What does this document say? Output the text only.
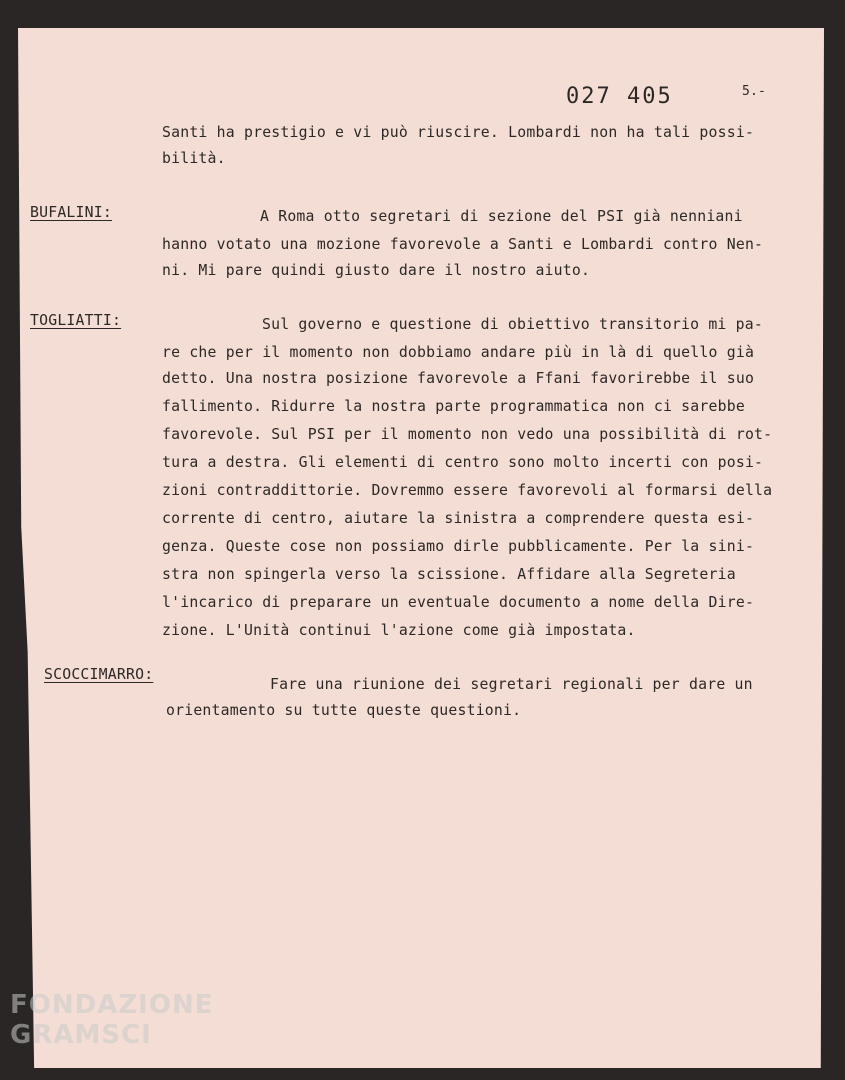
FONDAZIONE
GRAMSCI
027 405	5.-
Santi ha prestigio e vi può riuscire. Lombardi non ha tali possi-
bilità.
BUFALINI:	A Roma otto segretari di sezione del PSI già nenniani
hanno votato una mozione favorevole a Santi e Lombardi contro Nen-
ni. Mi pare quindi giusto dare il nostro aiuto.
TOGLIATTI:	Sul governo e questione di obiettivo transitorio mi pa-
re che per il momento non dobbiamo andare più in là di quello già
detto. Una nostra posizione favorevole a Ffani favorirebbe il suo
fallimento. Ridurre la nostra parte programmatica non ci sarebbe
favorevole. Sul PSI per il momento non vedo una possibilità di rot-
tura a destra. Gli elementi di centro sono molto incerti con posi-
zioni contraddittorie. Dovremmo essere favorevoli al formarsi della
corrente di centro, aiutare la sinistra a comprendere questa esi-
genza. Queste cose non possiamo dirle pubblicamente. Per la sini-
stra non spingerla verso la scissione. Affidare alla Segreteria
l'incarico di preparare un eventuale documento a nome della Dire-
zione. L'Unità continui l'azione come già impostata.
SCOCCIMARRO:
Fare una riunione dei segretari regionali per dare un
orientamento su tutte queste questioni.
